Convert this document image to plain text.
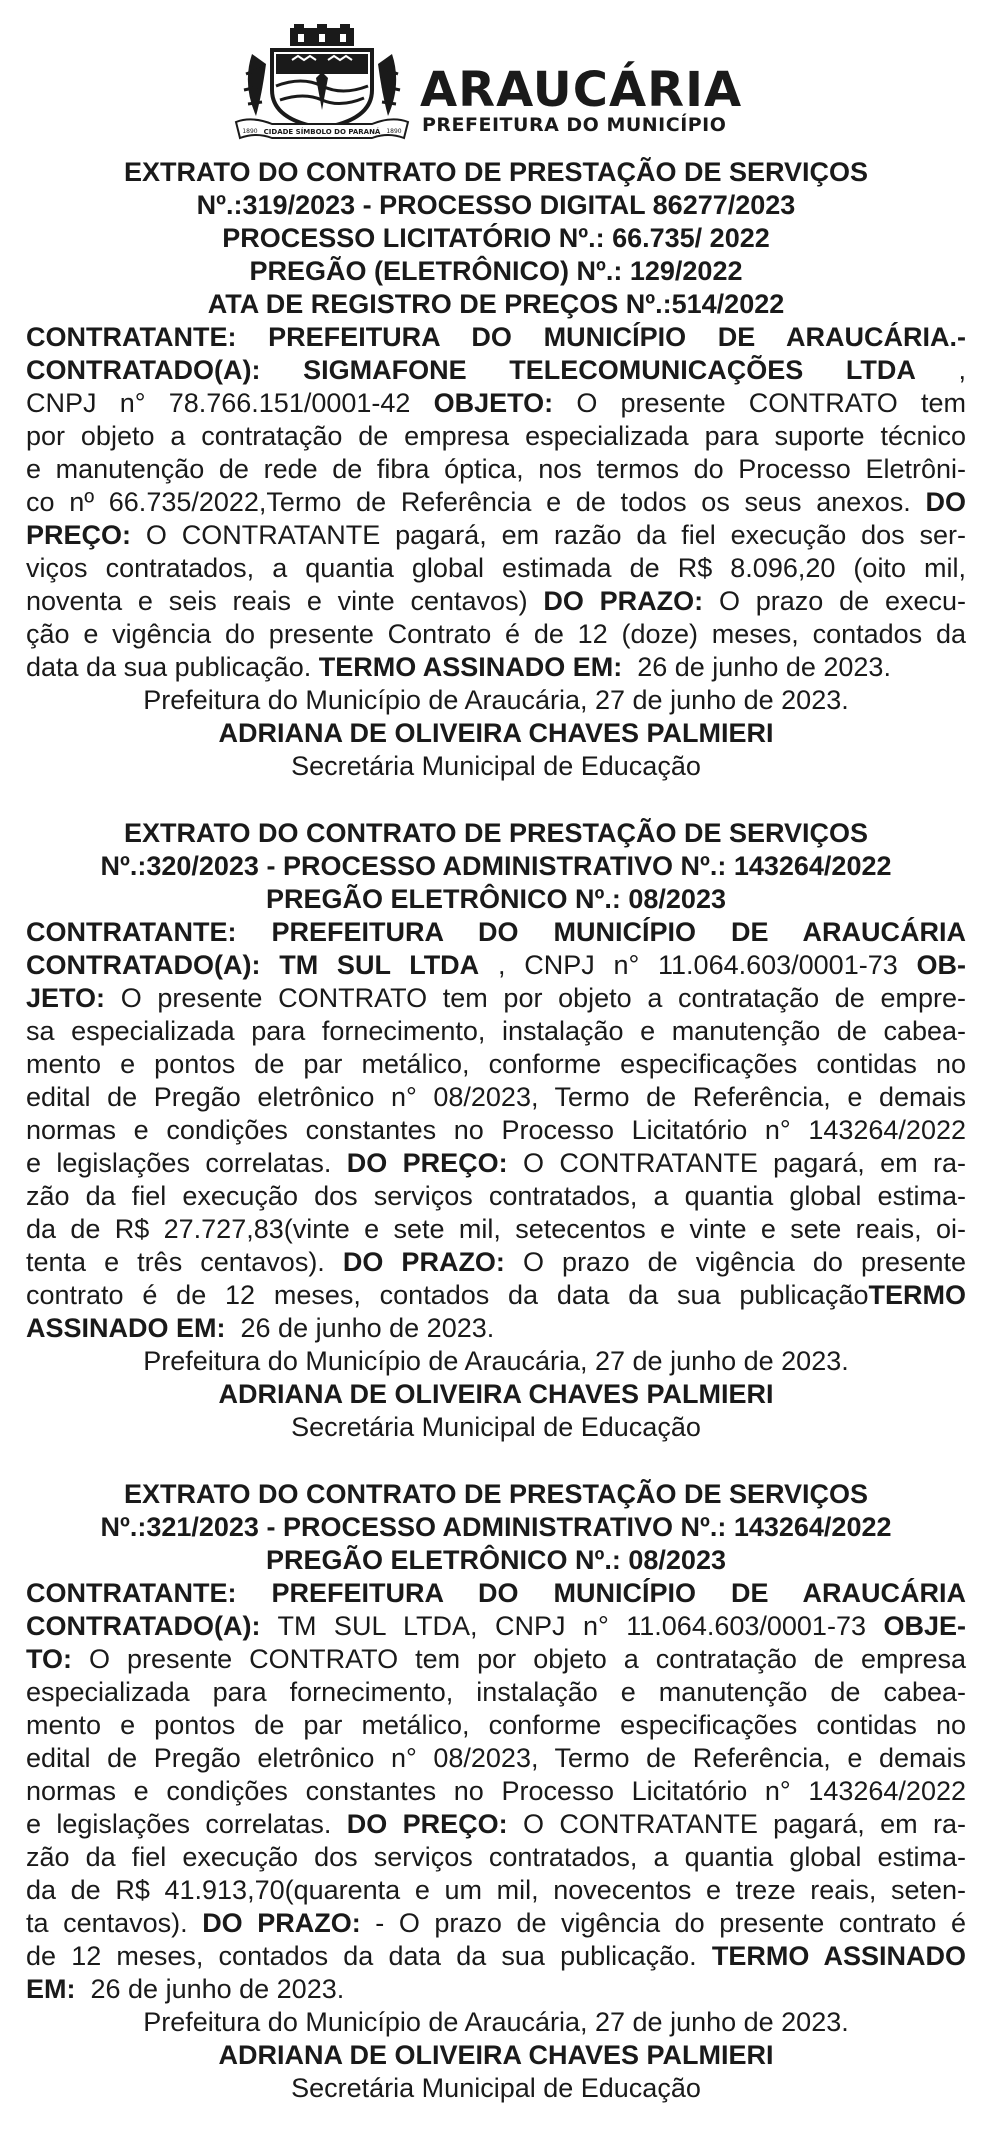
CIDADE SÍMBOLO DO PARANÁ
1890	1890
ARAUCÁRIA
PREFEITURA DO MUNICÍPIO
EXTRATO DO CONTRATO DE PRESTAÇÃO DE SERVIÇOS
Nº.:319/2023 - PROCESSO DIGITAL 86277/2023
PROCESSO LICITATÓRIO Nº.: 66.735/ 2022
PREGÃO (ELETRÔNICO) Nº.: 129/2022
ATA DE REGISTRO DE PREÇOS Nº.:514/2022
CONTRATANTE: PREFEITURA DO MUNICÍPIO DE ARAUCÁRIA.-
CONTRATADO(A): SIGMAFONE TELECOMUNICAÇÕES LTDA ,
CNPJ n° 78.766.151/0001-42 OBJETO: O presente CONTRATO tem
por objeto a contratação de empresa especializada para suporte técnico
e manutenção de rede de fibra óptica, nos termos do Processo Eletrôni-
co nº 66.735/2022,Termo de Referência e de todos os seus anexos. DO
PREÇO: O CONTRATANTE pagará, em razão da fiel execução dos ser-
viços contratados, a quantia global estimada de R$ 8.096,20 (oito mil,
noventa e seis reais e vinte centavos) DO PRAZO: O prazo de execu-
ção e vigência do presente Contrato é de 12 (doze) meses, contados da
data da sua publicação. TERMO ASSINADO EM:  26 de junho de 2023.
Prefeitura do Município de Araucária, 27 de junho de 2023.
ADRIANA DE OLIVEIRA CHAVES PALMIERI
Secretária Municipal de Educação
EXTRATO DO CONTRATO DE PRESTAÇÃO DE SERVIÇOS
Nº.:320/2023 - PROCESSO ADMINISTRATIVO Nº.: 143264/2022
PREGÃO ELETRÔNICO Nº.: 08/2023
CONTRATANTE: PREFEITURA DO MUNICÍPIO DE ARAUCÁRIA
CONTRATADO(A): TM SUL LTDA , CNPJ n° 11.064.603/0001-73 OB-
JETO: O presente CONTRATO tem por objeto a contratação de empre-
sa especializada para fornecimento, instalação e manutenção de cabea-
mento e pontos de par metálico, conforme especificações contidas no
edital de Pregão eletrônico n° 08/2023, Termo de Referência, e demais
normas e condições constantes no Processo Licitatório n° 143264/2022
e legislações correlatas. DO PREÇO: O CONTRATANTE pagará, em ra-
zão da fiel execução dos serviços contratados, a quantia global estima-
da de R$ 27.727,83(vinte e sete mil, setecentos e vinte e sete reais, oi-
tenta e três centavos). DO PRAZO: O prazo de vigência do presente
contrato é de 12 meses, contados da data da sua publicaçãoTERMO
ASSINADO EM:  26 de junho de 2023.
Prefeitura do Município de Araucária, 27 de junho de 2023.
ADRIANA DE OLIVEIRA CHAVES PALMIERI
Secretária Municipal de Educação
EXTRATO DO CONTRATO DE PRESTAÇÃO DE SERVIÇOS
Nº.:321/2023 - PROCESSO ADMINISTRATIVO Nº.: 143264/2022
PREGÃO ELETRÔNICO Nº.: 08/2023
CONTRATANTE: PREFEITURA DO MUNICÍPIO DE ARAUCÁRIA
CONTRATADO(A): TM SUL LTDA, CNPJ n° 11.064.603/0001-73 OBJE-
TO: O presente CONTRATO tem por objeto a contratação de empresa
especializada para fornecimento, instalação e manutenção de cabea-
mento e pontos de par metálico, conforme especificações contidas no
edital de Pregão eletrônico n° 08/2023, Termo de Referência, e demais
normas e condições constantes no Processo Licitatório n° 143264/2022
e legislações correlatas. DO PREÇO: O CONTRATANTE pagará, em ra-
zão da fiel execução dos serviços contratados, a quantia global estima-
da de R$ 41.913,70(quarenta e um mil, novecentos e treze reais, seten-
ta centavos). DO PRAZO: - O prazo de vigência do presente contrato é
de 12 meses, contados da data da sua publicação. TERMO ASSINADO
EM:  26 de junho de 2023.
Prefeitura do Município de Araucária, 27 de junho de 2023.
ADRIANA DE OLIVEIRA CHAVES PALMIERI
Secretária Municipal de Educação
